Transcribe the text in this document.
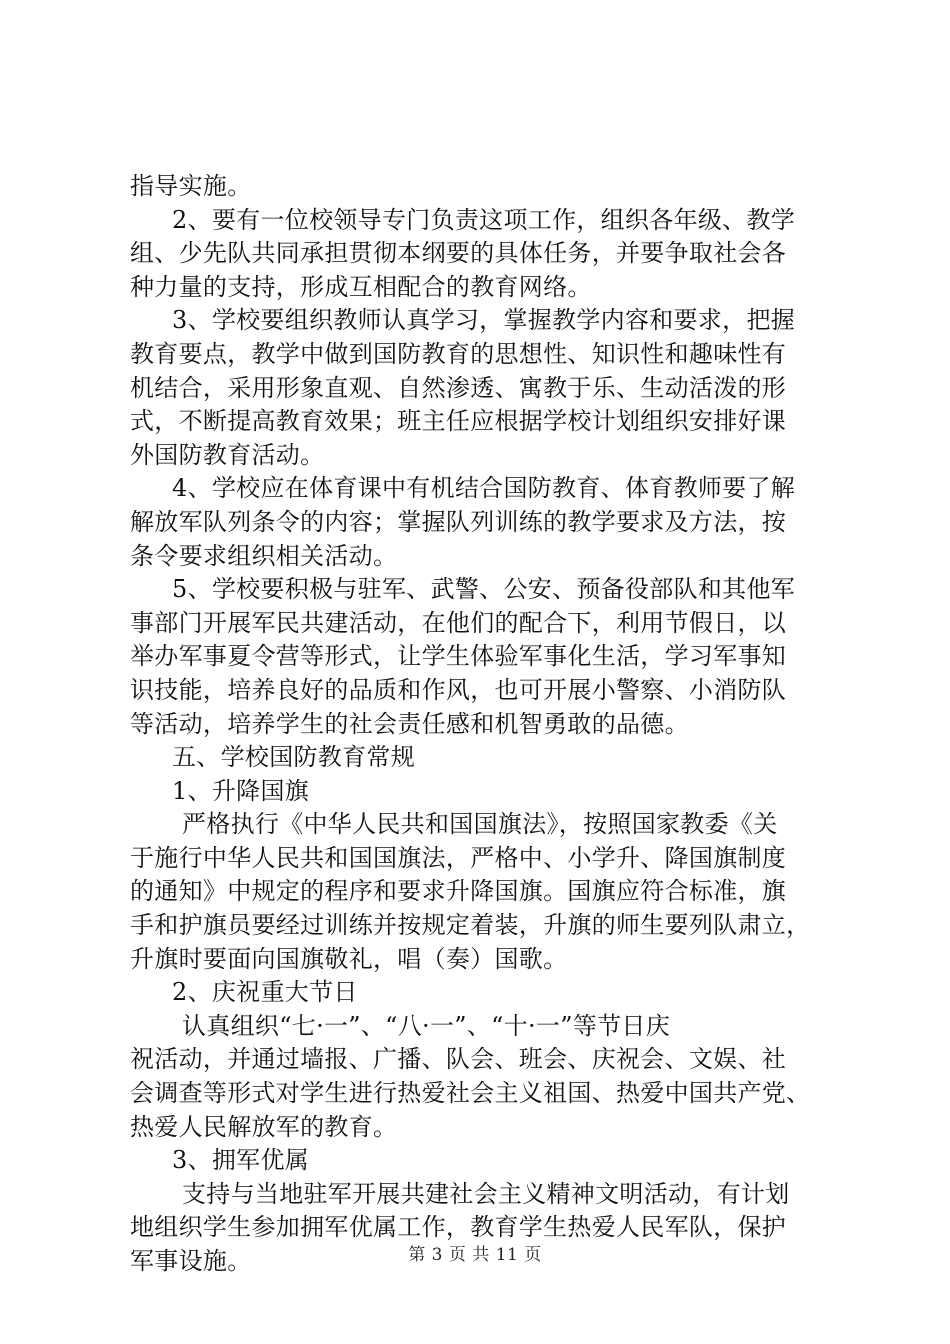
指导实施。
2、要有一位校领导专门负责这项工作，组织各年级、教学
组、少先队共同承担贯彻本纲要的具体任务，并要争取社会各
种力量的支持，形成互相配合的教育网络。
3、学校要组织教师认真学习，掌握教学内容和要求，把握
教育要点，教学中做到国防教育的思想性、知识性和趣味性有
机结合，采用形象直观、自然渗透、寓教于乐、生动活泼的形
式，不断提高教育效果；班主任应根据学校计划组织安排好课
外国防教育活动。
4、学校应在体育课中有机结合国防教育、体育教师要了解
解放军队列条令的内容；掌握队列训练的教学要求及方法，按
条令要求组织相关活动。
5、学校要积极与驻军、武警、公安、预备役部队和其他军
事部门开展军民共建活动，在他们的配合下，利用节假日，以
举办军事夏令营等形式，让学生体验军事化生活，学习军事知
识技能，培养良好的品质和作风，也可开展小警察、小消防队
等活动，培养学生的社会责任感和机智勇敢的品德。
五、学校国防教育常规
1、升降国旗
严格执行《中华人民共和国国旗法》，按照国家教委《关
于施行中华人民共和国国旗法，严格中、小学升、降国旗制度
的通知》中规定的程序和要求升降国旗。国旗应符合标准，旗
手和护旗员要经过训练并按规定着装，升旗的师生要列队肃立，
升旗时要面向国旗敬礼，唱（奏）国歌。
2、庆祝重大节日
认真组织“七·一”、“八·一”、“十·一”等节日庆
祝活动，并通过墙报、广播、队会、班会、庆祝会、文娱、社
会调查等形式对学生进行热爱社会主义祖国、热爱中国共产党、
热爱人民解放军的教育。
3、拥军优属
支持与当地驻军开展共建社会主义精神文明活动，有计划
地组织学生参加拥军优属工作，教育学生热爱人民军队，保护
军事设施。	第 3 页 共 11 页
